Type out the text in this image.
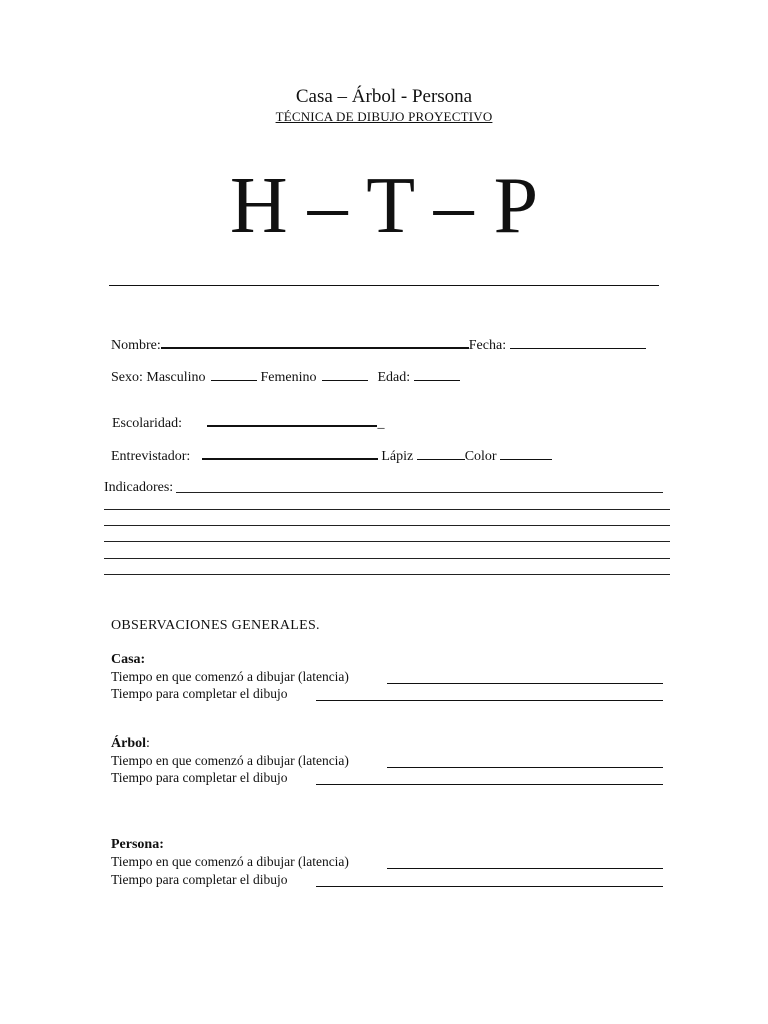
Casa – Árbol - Persona
TÉCNICA DE DIBUJO PROYECTIVO
H – T – P
Nombre:	Fecha:
Sexo: Masculino	Femenino	Edad:
Escolaridad:	_
Entrevistador:	Lápiz	Color
Indicadores:
OBSERVACIONES GENERALES.
Casa:
Tiempo en que comenzó a dibujar (latencia)
Tiempo para completar el dibujo
Árbol:
Tiempo en que comenzó a dibujar (latencia)
Tiempo para completar el dibujo
Persona:
Tiempo en que comenzó a dibujar (latencia)
Tiempo para completar el dibujo
